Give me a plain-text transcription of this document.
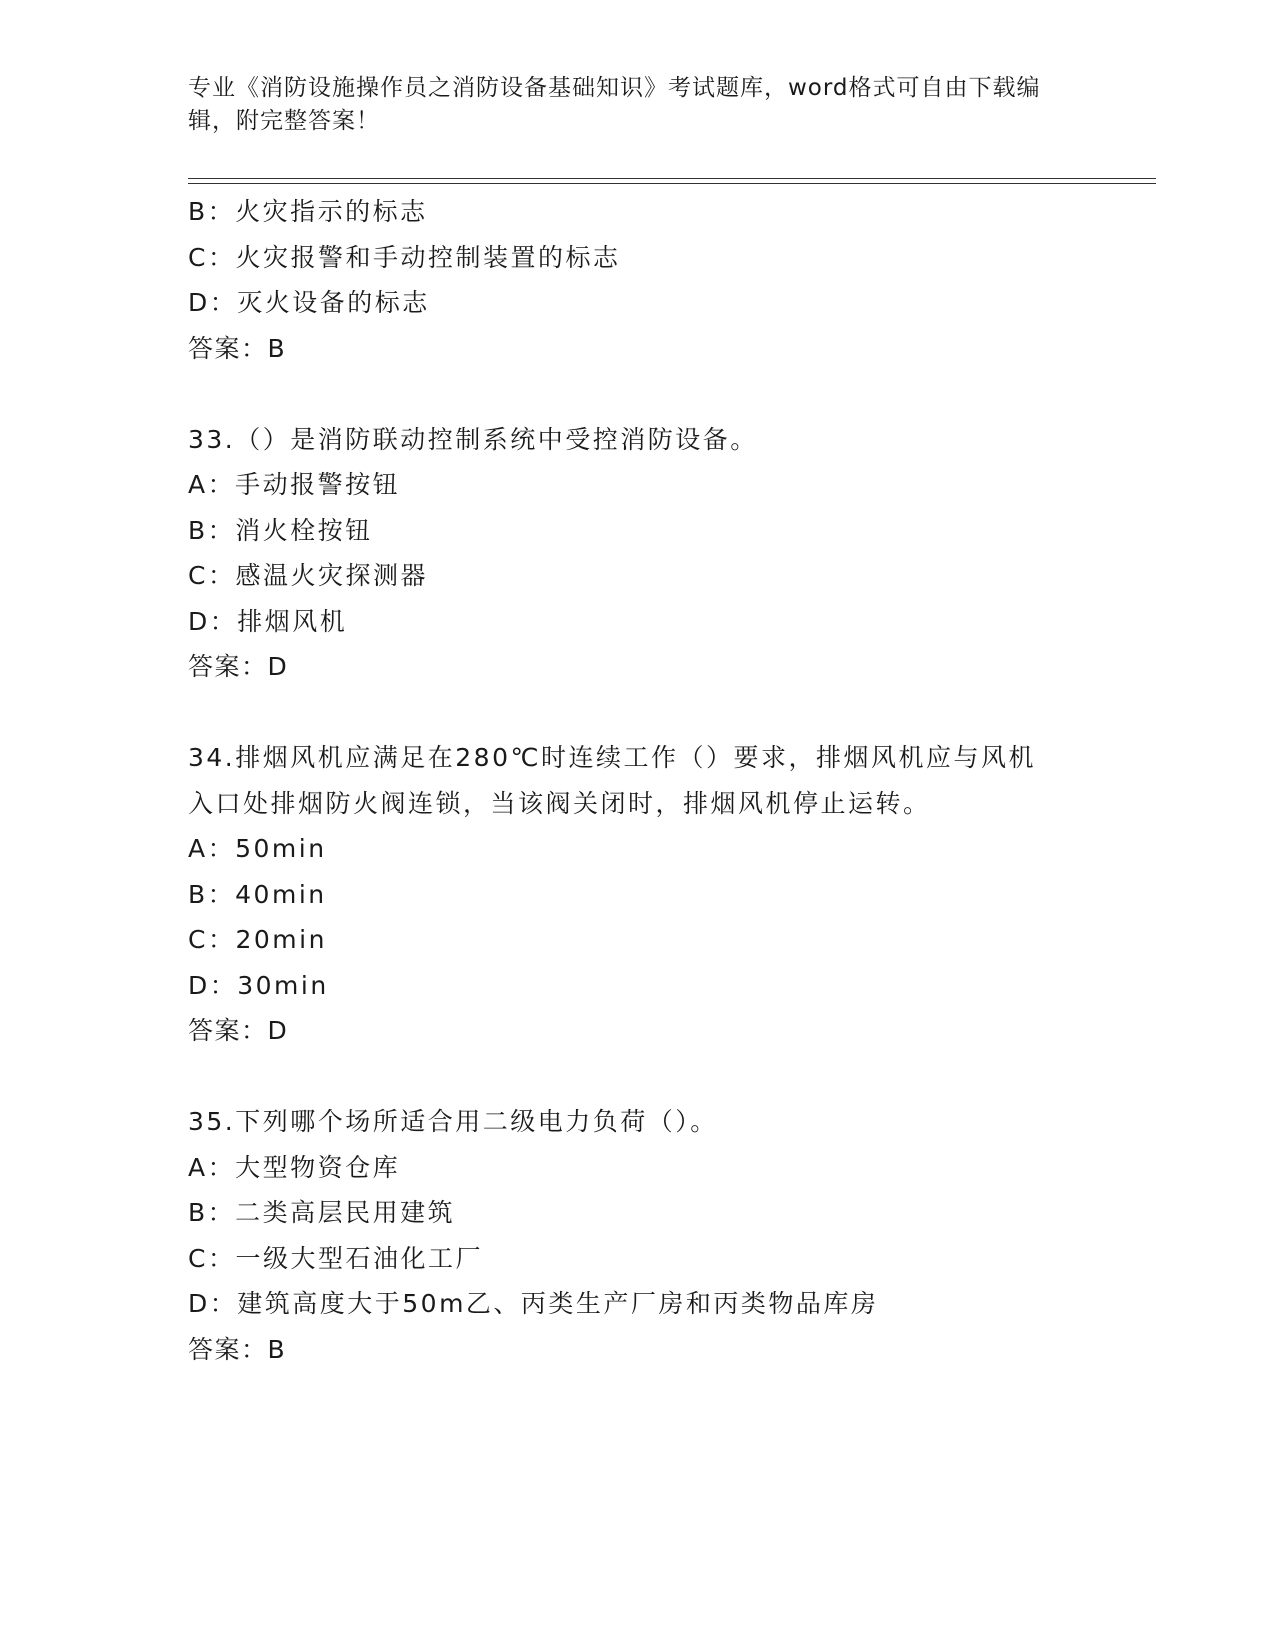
专业《消防设施操作员之消防设备基础知识》考试题库，word格式可自由下载编
辑，附完整答案！
B：火灾指示的标志
C：火灾报警和手动控制装置的标志
D：灭火设备的标志
答案：B
33.（）是消防联动控制系统中受控消防设备。
A：手动报警按钮
B：消火栓按钮
C：感温火灾探测器
D：排烟风机
答案：D
34.排烟风机应满足在280℃时连续工作（）要求，排烟风机应与风机
入口处排烟防火阀连锁，当该阀关闭时，排烟风机停止运转。
A：50min
B：40min
C：20min
D：30min
答案：D
35.下列哪个场所适合用二级电力负荷（）。
A：大型物资仓库
B：二类高层民用建筑
C：一级大型石油化工厂
D：建筑高度大于50m乙、丙类生产厂房和丙类物品库房
答案：B
